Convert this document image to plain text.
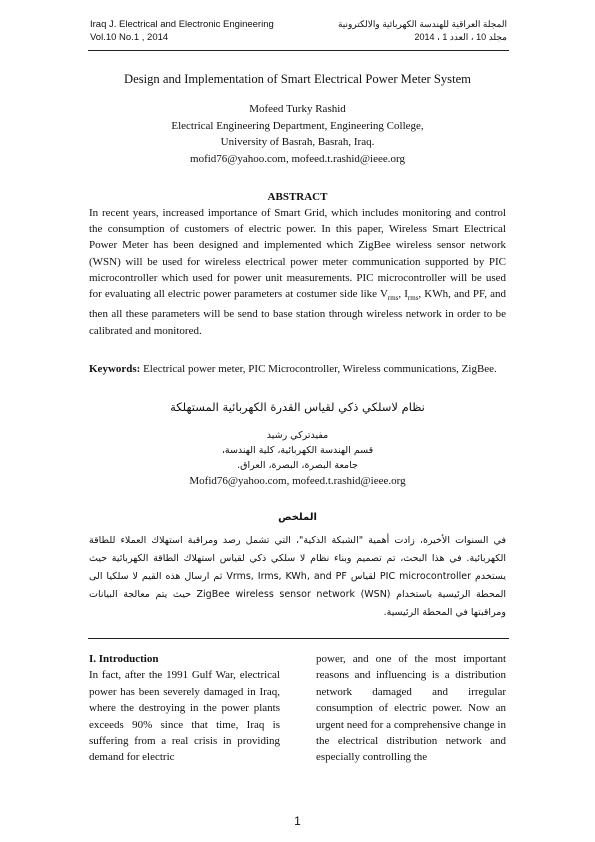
Iraq J. Electrical and Electronic Engineering
Vol.10 No.1 , 2014
المجلة العراقية للهندسة الكهربائية والالكترونية
مجلد 10 ، العدد 1 ، 2014
Design and Implementation of Smart Electrical Power Meter System
Mofeed Turky Rashid
Electrical Engineering Department, Engineering College,
University of Basrah, Basrah, Iraq.
mofid76@yahoo.com, mofeed.t.rashid@ieee.org
ABSTRACT
In recent years, increased importance of Smart Grid, which includes monitoring and control the consumption of customers of electric power. In this paper, Wireless Smart Electrical Power Meter has been designed and implemented which ZigBee wireless sensor network (WSN) will be used for wireless electrical power meter communication supported by PIC microcontroller which used for power unit measurements. PIC microcontroller will be used for evaluating all electric power parameters at costumer side like $V_{rms}$, $I_{rms}$, KWh, and PF, and then all these parameters will be send to base station through wireless network in order to be calibrated and monitored.
Keywords: Electrical power meter, PIC Microcontroller, Wireless communications, ZigBee.
نظام لاسلكي ذكي لقياس القدرة الكهربائية المستهلكة
مفيدتركي رشيد
قسم الهندسة الكهربائية، كلية الهندسة،
جامعة البصرة، البصرة، العراق.
Mofid76@yahoo.com, mofeed.t.rashid@ieee.org
الملخص
في السنوات الأخيرة، زادت أهمية "الشبكة الذكية"، التي تشمل رصد ومراقبة استهلاك العملاء للطاقة الكهربائية. في هذا البحث، تم تصميم وبناء نظام لا سلكي ذكي لقياس استهلاك الطاقة الكهربائية حيث يستخدم PIC microcontroller لقياس Vrms, Irms, KWh, and PF ثم ارسال هذه القيم لا سلكيا الى المحطة الرئيسية باستخدام ZigBee wireless sensor network (WSN) حيث يتم معالجة البيانات ومراقبتها في المحطة الرئيسية.
I. Introduction
In fact, after the 1991 Gulf War, electrical power has been severely damaged in Iraq, where the destroying in the power plants exceeds 90% since that time, Iraq is suffering from a real crisis in providing demand for electric
power, and one of the most important reasons and influencing is a distribution network damaged and irregular consumption of electric power. Now an urgent need for a comprehensive change in the electrical distribution network and especially controlling the
1
